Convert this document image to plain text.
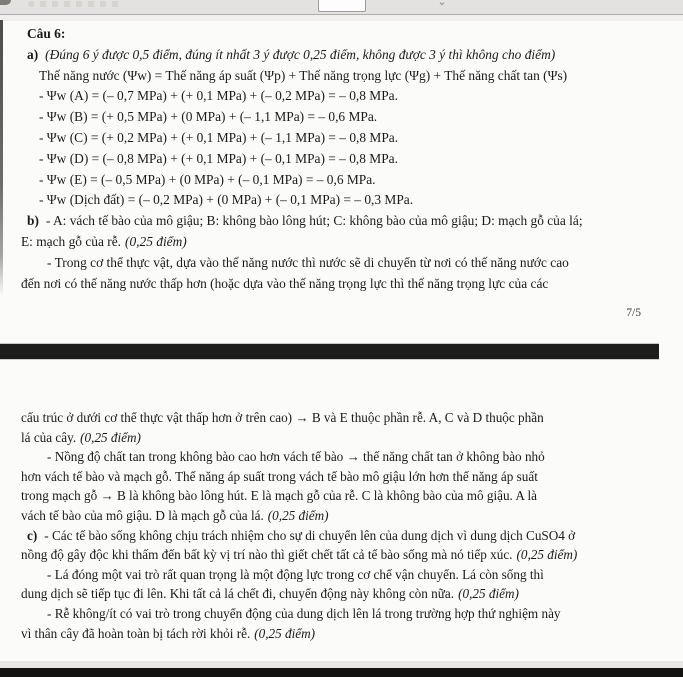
⌄
Câu 6:
a) (Đúng 6 ý được 0,5 điểm, đúng ít nhất 3 ý được 0,25 điểm, không được 3 ý thì không cho điểm)
Thế năng nước (Ψw) = Thế năng áp suất (Ψp) + Thế năng trọng lực (Ψg) + Thế năng chất tan (Ψs)
- Ψw (A) = (– 0,7 MPa) + (+ 0,1 MPa) + (– 0,2 MPa) = – 0,8 MPa.
- Ψw (B) = (+ 0,5 MPa) + (0 MPa) + (– 1,1 MPa) = – 0,6 MPa.
- Ψw (C) = (+ 0,2 MPa) + (+ 0,1 MPa) + (– 1,1 MPa) = – 0,8 MPa.
- Ψw (D) = (– 0,8 MPa) + (+ 0,1 MPa) + (– 0,1 MPa) = – 0,8 MPa.
- Ψw (E) = (– 0,5 MPa) + (0 MPa) + (– 0,1 MPa) = – 0,6 MPa.
- Ψw (Dịch đất) = (– 0,2 MPa) + (0 MPa) + (– 0,1 MPa) = – 0,3 MPa.
b) - A: vách tế bào của mô giậu; B: không bào lông hút; C: không bào của mô giậu; D: mạch gỗ của lá;
E: mạch gỗ của rễ. (0,25 điểm)
- Trong cơ thể thực vật, dựa vào thế năng nước thì nước sẽ di chuyển từ nơi có thế năng nước cao
đến nơi có thế năng nước thấp hơn (hoặc dựa vào thế năng trọng lực thì thế năng trọng lực của các
7/5
cấu trúc ở dưới cơ thể thực vật thấp hơn ở trên cao) → B và E thuộc phần rễ. A, C và D thuộc phần
lá của cây. (0,25 điểm)
- Nồng độ chất tan trong không bào cao hơn vách tế bào → thế năng chất tan ở không bào nhỏ
hơn vách tế bào và mạch gỗ. Thế năng áp suất trong vách tế bào mô giậu lớn hơn thế năng áp suất
trong mạch gỗ → B là không bào lông hút. E là mạch gỗ của rễ. C là không bào của mô giậu. A là
vách tế bào của mô giậu. D là mạch gỗ của lá. (0,25 điểm)
c) - Các tế bào sống không chịu trách nhiệm cho sự di chuyển lên của dung dịch vì dung dịch CuSO4 ở
nồng độ gây độc khi thấm đến bất kỳ vị trí nào thì giết chết tất cả tế bào sống mà nó tiếp xúc. (0,25 điểm)
- Lá đóng một vai trò rất quan trọng là một động lực trong cơ chế vận chuyển. Lá còn sống thì
dung dịch sẽ tiếp tục đi lên. Khi tất cả lá chết đi, chuyển động này không còn nữa. (0,25 điểm)
- Rễ không/ít có vai trò trong chuyển động của dung dịch lên lá trong trường hợp thứ nghiệm này
vì thân cây đã hoàn toàn bị tách rời khỏi rễ. (0,25 điểm)
